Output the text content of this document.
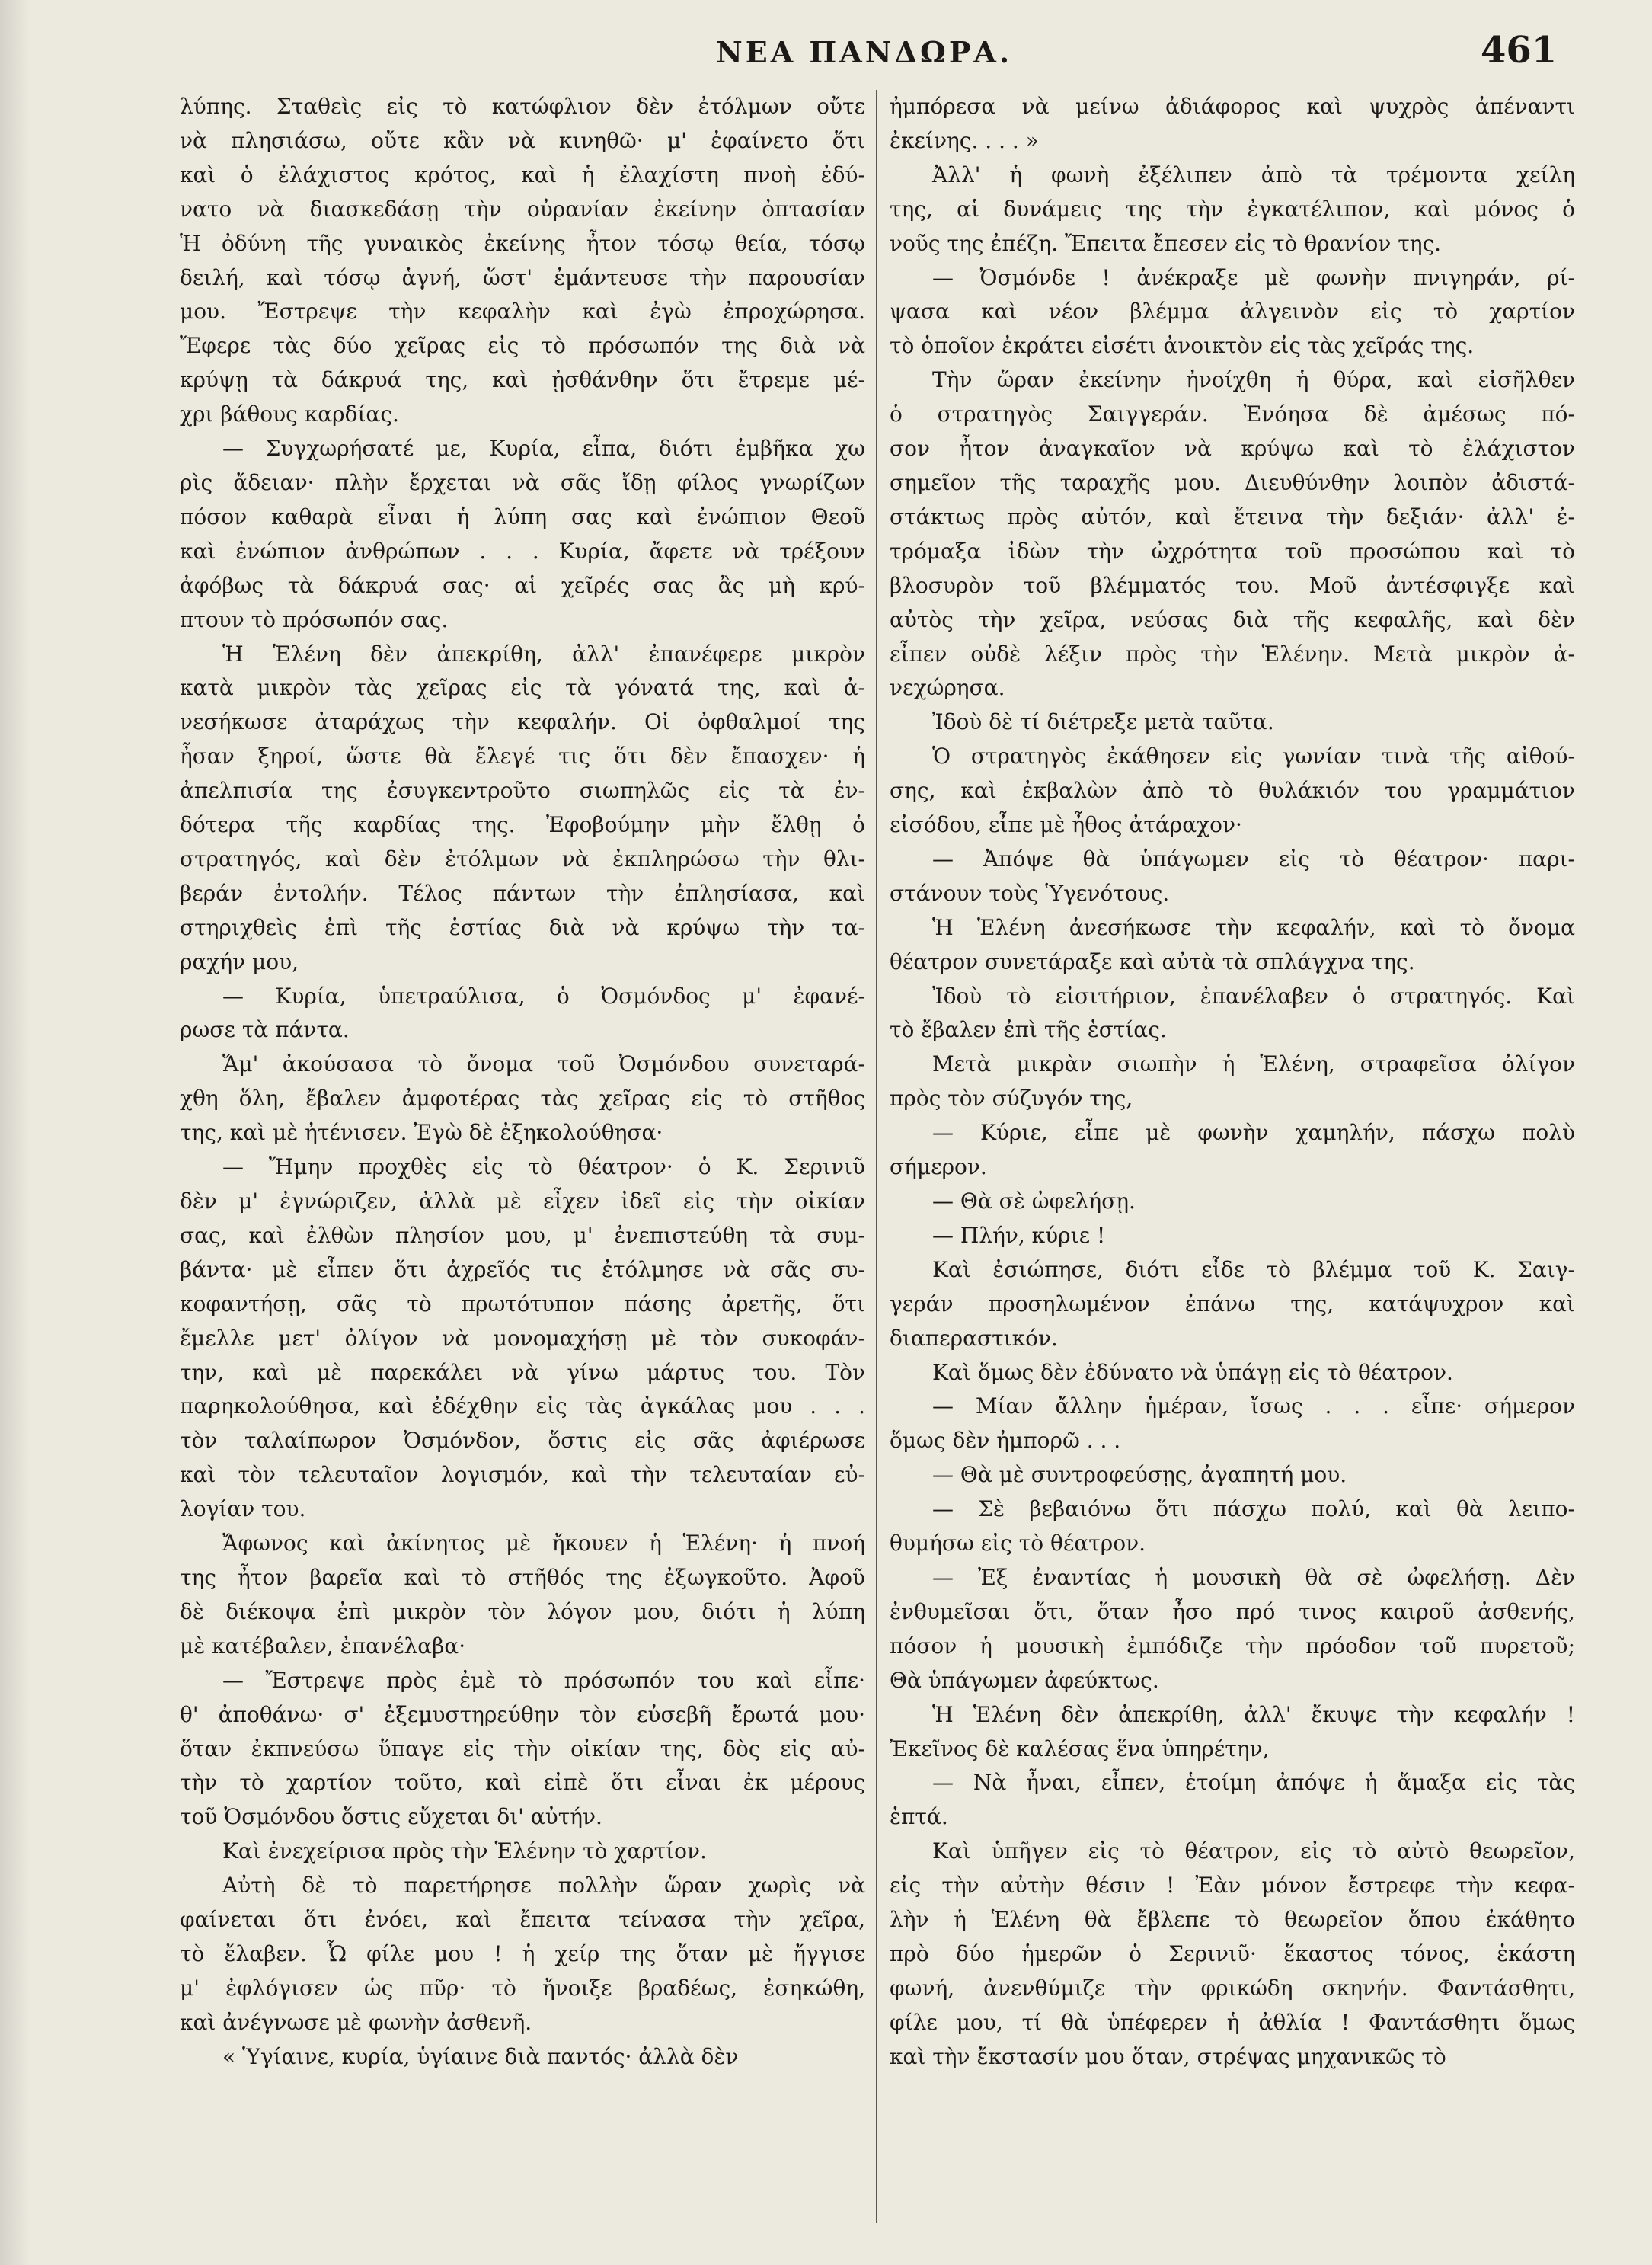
ΝΕΑ ΠΑΝΔΩΡΑ.	461
λύπης. Σταθεὶς εἰς τὸ κατώφλιον δὲν ἐτόλμων οὔτε
νὰ πλησιάσω, οὔτε κἂν νὰ κινηθῶ· μ' ἐφαίνετο ὅτι
καὶ ὁ ἐλάχιστος κρότος, καὶ ἡ ἐλαχίστη πνοὴ ἐδύ-
νατο νὰ διασκεδάσῃ τὴν οὐρανίαν ἐκείνην ὀπτασίαν
Ἡ ὀδύνη τῆς γυναικὸς ἐκείνης ἦτον τόσῳ θεία, τόσῳ
δειλή, καὶ τόσῳ ἁγνή, ὥστ' ἐμάντευσε τὴν παρουσίαν
μου. Ἔστρεψε τὴν κεφαλὴν καὶ ἐγὼ ἐπροχώρησα.
Ἔφερε τὰς δύο χεῖρας εἰς τὸ πρόσωπόν της διὰ νὰ
κρύψῃ τὰ δάκρυά της, καὶ ᾐσθάνθην ὅτι ἔτρεμε μέ-
χρι βάθους καρδίας.
— Συγχωρήσατέ με, Κυρία, εἶπα, διότι ἐμβῆκα χω
ρὶς ἄδειαν· πλὴν ἔρχεται νὰ σᾶς ἴδῃ φίλος γνωρίζων
πόσον καθαρὰ εἶναι ἡ λύπη σας καὶ ἐνώπιον Θεοῦ
καὶ ἐνώπιον ἀνθρώπων . . . Κυρία, ἄφετε νὰ τρέξουν
ἀφόβως τὰ δάκρυά σας· αἱ χεῖρές σας ἂς μὴ κρύ-
πτουν τὸ πρόσωπόν σας.
Ἡ Ἑλένη δὲν ἀπεκρίθη, ἀλλ' ἐπανέφερε μικρὸν
κατὰ μικρὸν τὰς χεῖρας εἰς τὰ γόνατά της, καὶ ἀ-
νεσήκωσε ἀταράχως τὴν κεφαλήν. Οἱ ὀφθαλμοί της
ἦσαν ξηροί, ὥστε θὰ ἔλεγέ τις ὅτι δὲν ἔπασχεν· ἡ
ἀπελπισία της ἐσυγκεντροῦτο σιωπηλῶς εἰς τὰ ἐν-
δότερα τῆς καρδίας της. Ἐφοβούμην μὴν ἔλθῃ ὁ
στρατηγός, καὶ δὲν ἐτόλμων νὰ ἐκπληρώσω τὴν θλι-
βεράν ἐντολήν. Τέλος πάντων τὴν ἐπλησίασα, καὶ
στηριχθεὶς ἐπὶ τῆς ἑστίας διὰ νὰ κρύψω τὴν τα-
ραχήν μου,
— Κυρία, ὑπετραύλισα, ὁ Ὀσμόνδος μ' ἐφανέ-
ρωσε τὰ πάντα.
Ἅμ' ἀκούσασα τὸ ὄνομα τοῦ Ὀσμόνδου συνεταρά-
χθη ὅλη, ἔβαλεν ἀμφοτέρας τὰς χεῖρας εἰς τὸ στῆθος
της, καὶ μὲ ἠτένισεν. Ἐγὼ δὲ ἐξηκολούθησα·
— Ἤμην προχθὲς εἰς τὸ θέατρον· ὁ Κ. Σερινιῦ
δὲν μ' ἐγνώριζεν, ἀλλὰ μὲ εἶχεν ἰδεῖ εἰς τὴν οἰκίαν
σας, καὶ ἐλθὼν πλησίον μου, μ' ἐνεπιστεύθη τὰ συμ-
βάντα· μὲ εἶπεν ὅτι ἀχρεῖός τις ἐτόλμησε νὰ σᾶς συ-
κοφαντήσῃ, σᾶς τὸ πρωτότυπον πάσης ἀρετῆς, ὅτι
ἔμελλε μετ' ὀλίγον νὰ μονομαχήσῃ μὲ τὸν συκοφάν-
την, καὶ μὲ παρεκάλει νὰ γίνω μάρτυς του. Τὸν
παρηκολούθησα, καὶ ἐδέχθην εἰς τὰς ἀγκάλας μου . . .
τὸν ταλαίπωρον Ὀσμόνδον, ὅστις εἰς σᾶς ἀφιέρωσε
καὶ τὸν τελευταῖον λογισμόν, καὶ τὴν τελευταίαν εὐ-
λογίαν του.
Ἄφωνος καὶ ἀκίνητος μὲ ἤκουεν ἡ Ἑλένη· ἡ πνοή
της ἦτον βαρεῖα καὶ τὸ στῆθός της ἐξωγκοῦτο. Ἀφοῦ
δὲ διέκοψα ἐπὶ μικρὸν τὸν λόγον μου, διότι ἡ λύπη
μὲ κατέβαλεν, ἐπανέλαβα·
— Ἔστρεψε πρὸς ἐμὲ τὸ πρόσωπόν του καὶ εἶπε·
θ' ἀποθάνω· σ' ἐξεμυστηρεύθην τὸν εὐσεβῆ ἔρωτά μου·
ὅταν ἐκπνεύσω ὕπαγε εἰς τὴν οἰκίαν της, δὸς εἰς αὐ-
τὴν τὸ χαρτίον τοῦτο, καὶ εἰπὲ ὅτι εἶναι ἐκ μέρους
τοῦ Ὀσμόνδου ὅστις εὔχεται δι' αὐτήν.
Καὶ ἐνεχείρισα πρὸς τὴν Ἑλένην τὸ χαρτίον.
Αὐτὴ δὲ τὸ παρετήρησε πολλὴν ὥραν χωρὶς νὰ
φαίνεται ὅτι ἐνόει, καὶ ἔπειτα τείνασα τὴν χεῖρα,
τὸ ἔλαβεν. Ὦ φίλε μου ! ἡ χείρ της ὅταν μὲ ἤγγισε
μ' ἐφλόγισεν ὡς πῦρ· τὸ ἤνοιξε βραδέως, ἐσηκώθη,
καὶ ἀνέγνωσε μὲ φωνὴν ἀσθενῆ.
« Ὑγίαινε, κυρία, ὑγίαινε διὰ παντός· ἀλλὰ δὲν
ἠμπόρεσα νὰ μείνω ἀδιάφορος καὶ ψυχρὸς ἀπέναντι
ἐκείνης. . . . »
Ἀλλ' ἡ φωνὴ ἐξέλιπεν ἀπὸ τὰ τρέμοντα χείλη
της, αἱ δυνάμεις της τὴν ἐγκατέλιπον, καὶ μόνος ὁ
νοῦς της ἐπέζη. Ἔπειτα ἔπεσεν εἰς τὸ θρανίον της.
— Ὀσμόνδε ! ἀνέκραξε μὲ φωνὴν πνιγηράν, ρί-
ψασα καὶ νέον βλέμμα ἀλγεινὸν εἰς τὸ χαρτίον
τὸ ὁποῖον ἐκράτει εἰσέτι ἀνοικτὸν εἰς τὰς χεῖράς της.
Τὴν ὥραν ἐκείνην ἠνοίχθη ἡ θύρα, καὶ εἰσῆλθεν
ὁ στρατηγὸς Σαιγγεράν. Ἐνόησα δὲ ἀμέσως πό-
σον ἦτον ἀναγκαῖον νὰ κρύψω καὶ τὸ ἐλάχιστον
σημεῖον τῆς ταραχῆς μου. Διευθύνθην λοιπὸν ἀδιστά-
στάκτως πρὸς αὐτόν, καὶ ἔτεινα τὴν δεξιάν· ἀλλ' ἐ-
τρόμαξα ἰδὼν τὴν ὠχρότητα τοῦ προσώπου καὶ τὸ
βλοσυρὸν τοῦ βλέμματός του. Μοῦ ἀντέσφιγξε καὶ
αὐτὸς τὴν χεῖρα, νεύσας διὰ τῆς κεφαλῆς, καὶ δὲν
εἶπεν οὐδὲ λέξιν πρὸς τὴν Ἑλένην. Μετὰ μικρὸν ἀ-
νεχώρησα.
Ἰδοὺ δὲ τί διέτρεξε μετὰ ταῦτα.
Ὁ στρατηγὸς ἐκάθησεν εἰς γωνίαν τινὰ τῆς αἰθού-
σης, καὶ ἐκβαλὼν ἀπὸ τὸ θυλάκιόν του γραμμάτιον
εἰσόδου, εἶπε μὲ ἦθος ἀτάραχον·
— Ἀπόψε θὰ ὑπάγωμεν εἰς τὸ θέατρον· παρι-
στάνουν τοὺς Ὑγενότους.
Ἡ Ἑλένη ἀνεσήκωσε τὴν κεφαλήν, καὶ τὸ ὄνομα
θέατρον συνετάραξε καὶ αὐτὰ τὰ σπλάγχνα της.
Ἰδοὺ τὸ εἰσιτήριον, ἐπανέλαβεν ὁ στρατηγός. Καὶ
τὸ ἔβαλεν ἐπὶ τῆς ἑστίας.
Μετὰ μικρὰν σιωπὴν ἡ Ἑλένη, στραφεῖσα ὀλίγον
πρὸς τὸν σύζυγόν της,
— Κύριε, εἶπε μὲ φωνὴν χαμηλήν, πάσχω πολὺ
σήμερον.
— Θὰ σὲ ὠφελήσῃ.
— Πλήν, κύριε !
Καὶ ἐσιώπησε, διότι εἶδε τὸ βλέμμα τοῦ Κ. Σαιγ-
γεράν προσηλωμένον ἐπάνω της, κατάψυχρον καὶ
διαπεραστικόν.
Καὶ ὅμως δὲν ἐδύνατο νὰ ὑπάγῃ εἰς τὸ θέατρον.
— Μίαν ἄλλην ἡμέραν, ἴσως . . . εἶπε· σήμερον
ὅμως δὲν ἠμπορῶ . . .
— Θὰ μὲ συντροφεύσῃς, ἀγαπητή μου.
— Σὲ βεβαιόνω ὅτι πάσχω πολύ, καὶ θὰ λειπο-
θυμήσω εἰς τὸ θέατρον.
— Ἐξ ἐναντίας ἡ μουσικὴ θὰ σὲ ὠφελήσῃ. Δὲν
ἐνθυμεῖσαι ὅτι, ὅταν ἦσο πρό τινος καιροῦ ἀσθενής,
πόσον ἡ μουσικὴ ἐμπόδιζε τὴν πρόοδον τοῦ πυρετοῦ;
Θὰ ὑπάγωμεν ἀφεύκτως.
Ἡ Ἑλένη δὲν ἀπεκρίθη, ἀλλ' ἔκυψε τὴν κεφαλήν !
Ἐκεῖνος δὲ καλέσας ἕνα ὑπηρέτην,
— Νὰ ἦναι, εἶπεν, ἑτοίμη ἀπόψε ἡ ἅμαξα εἰς τὰς
ἑπτά.
Καὶ ὑπῆγεν εἰς τὸ θέατρον, εἰς τὸ αὐτὸ θεωρεῖον,
εἰς τὴν αὐτὴν θέσιν ! Ἐὰν μόνον ἔστρεφε τὴν κεφα-
λὴν ἡ Ἑλένη θὰ ἔβλεπε τὸ θεωρεῖον ὅπου ἐκάθητο
πρὸ δύο ἡμερῶν ὁ Σερινιῦ· ἕκαστος τόνος, ἑκάστη
φωνή, ἀνενθύμιζε τὴν φρικώδη σκηνήν. Φαντάσθητι,
φίλε μου, τί θὰ ὑπέφερεν ἡ ἀθλία ! Φαντάσθητι ὅμως
καὶ τὴν ἔκστασίν μου ὅταν, στρέψας μηχανικῶς τὸ
